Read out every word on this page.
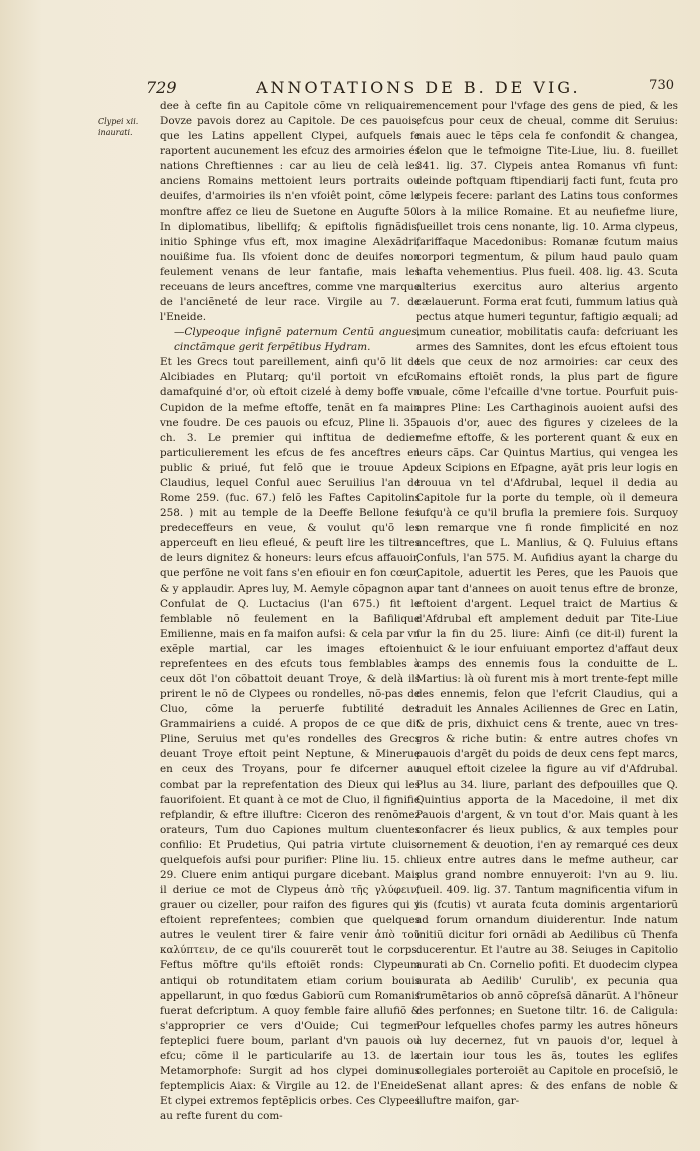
729	ANNOTATIONS DE B. DE VIG.	730
Clypei xii. inaurati.

dee à cefte fin au Capitole cõme vn reliquaire. Dovze pavois dorez au Capitole. De ces pauois, que les Latins appellent Clypei, aufquels fe raportent aucunement les efcuz des armoiries és nations Chreftiennes : car au lieu de celà les anciens Romains mettoient leurs portraits ou deuifes, d'armoiries ils n'en vfoiêt point, cõme le monftre affez ce lieu de Suetone en Augufte 50. In diplomatibus, libellifq; & epiftolis fignãdis, initio Sphinge vfus eft, mox imagine Alexãdri, nouißime fua. Ils vfoient donc de deuifes non feulement venans de leur fantafie, mais les receuans de leurs anceftres, comme vne marque de l'anciẽneté de leur race. Virgile au 7. de l'Eneide.

—Clypeoque infignẽ paternum Centũ angues, cinctãmque gerit ferpẽtibus Hydram.

Et les Grecs tout pareillement, ainfi qu'õ lit de Alcibiades en Plutarq; qu'il portoit vn efcu damafquiné d'or, où eftoit cizelé à demy boffe vn Cupidon de la mefme eftoffe, tenãt en fa main vne foudre. De ces pauois ou efcuz, Pline li. 35. ch. 3. Le premier qui inftitua de dedier particulierement les efcus de fes anceftres en public & priué, fut felõ que ie trouue Ap. Claudius, lequel Conful auec Seruilius l'an de Rome 259. (fuc. 67.) felõ les Faftes Capitolins 258. ) mit au temple de la Deeffe Bellone fes predeceffeurs en veue, & voulut qu'õ les apperceuft en lieu efleué, & peuft lire les tiltres de leurs dignitez & honeurs: leurs efcus affauoir, que perfõne ne voit fans s'en efiouir en fon cœur, & y applaudir. Apres luy, M. Aemyle cõpagnon au Confulat de Q. Luctacius (l'an 675.) fit le femblable nõ feulement en la Bafilique Emilienne, mais en fa maifon aufsi: & cela par vn exẽple martial, car les images eftoient reprefentees en des efcuts tous femblables à ceux dõt l'on cõbattoit deuant Troye, & delà ils prirent le nõ de Clypees ou rondelles, nõ-pas de Cluo, cõme la peruerfe fubtilité des Grammairiens a cuidé. A propos de ce que dit Pline, Seruius met qu'es rondelles des Grecs deuant Troye eftoit peint Neptune, & Minerue en ceux des Troyans, pour fe difcerner au combat par la reprefentation des Dieux qui les fauorifoient. Et quant à ce mot de Cluo, il fignifie refplandir, & eftre illuftre: Ciceron des renõmez orateurs, Tum duo Capiones multum cluentes confilio: Et Prudetius, Qui patria virtute cluis: quelquefois aufsi pour purifier: Pline liu. 15. ch. 29. Cluere enim antiqui purgare dicebant. Mais il deriue ce mot de Clypeus ἀπὸ τῆς γλύφειν, grauer ou cizeller, pour raifon des figures qui y eftoient reprefentees; combien que quelques autres le veulent tirer & faire venir ἀπὸ τοῦ καλύπτειν, de ce qu'ils couurerẽt tout le corps. Feftus mõftre qu'ils eftoiẽt ronds: Clypeum antiqui ob rotunditatem etiam corium bouis appellarunt, in quo fœdus Gabiorũ cum Romanis fuerat defcriptum. A quoy femble faire allufiõ & s'approprier ce vers d'Ouide; Cui tegmen fepteplici fuere boum, parlant d'vn pauois ou efcu; cõme il le particularife au 13. de la Metamorphofe: Surgit ad hos clypei dominus feptemplicis Aiax: & Virgile au 12. de l'Eneide: Et clypei extremos feptẽplicis orbes. Ces Clypees au refte furent du com-

mencement pour l'vfage des gens de pied, & les efcus pour ceux de cheual, comme dit Seruius: mais auec le tẽps cela fe confondit & changea, felon que le tefmoigne Tite-Liue, liu. 8. fueillet 341. lig. 37. Clypeis antea Romanus vfi funt: deinde poftquam ftipendiarij facti funt, fcuta pro clypeis fecere: parlant des Latins tous conformes lors à la milice Romaine. Et au neufiefme liure, fueillet trois cens nonante, lig. 10. Arma clypeus, fariffaque Macedonibus: Romanæ fcutum maius corpori tegmentum, & pilum haud paulo quam hafta vehementius. Plus fueil. 408. lig. 43. Scuta alterius exercitus auro alterius argento cælauerunt. Forma erat fcuti, fummum latius quà pectus atque humeri teguntur, faftigio æquali; ad imum cuneatior, mobilitatis caufa: defcriuant les armes des Samnites, dont les efcus eftoient tous tels que ceux de noz armoiries: car ceux des Romains eftoiẽt ronds, la plus part de figure ouale, cõme l'efcaille d'vne tortue. Pourfuit puis-apres Pline: Les Carthaginois auoient aufsi des pauois d'or, auec des figures y cizelees de la mefme eftoffe, & les porterent quant & eux en leurs cãps. Car Quintus Martius, qui vengea les deux Scipions en Efpagne, ayãt pris leur logis en trouua vn tel d'Afdrubal, lequel il dedia au Capitole fur la porte du temple, où il demeura iufqu'à ce qu'il brufla la premiere fois. Surquoy on remarque vne fi ronde fimplicité en noz anceftres, que L. Manlius, & Q. Fuluius eftans Confuls, l'an 575. M. Aufidius ayant la charge du Capitole, aduertit les Peres, que les Pauois que par tant d'annees on auoit tenus eftre de bronze, eftoient d'argent. Lequel traict de Martius & d'Afdrubal eft amplement deduit par Tite-Liue fur la fin du 25. liure: Ainfi (ce dit-il) furent la nuict & le iour enfuiuant emportez d'affaut deux camps des ennemis fous la conduitte de L. Martius: là où furent mis à mort trente-fept mille des ennemis, felon que l'efcrit Claudius, qui a traduit les Annales Aciliennes de Grec en Latin, & de pris, dixhuict cens & trente, auec vn tres-gros & riche butin: & entre autres chofes vn pauois d'argẽt du poids de deux cens fept marcs, auquel eftoit cizelee la figure au vif d'Afdrubal. Plus au 34. liure, parlant des defpouilles que Q. Quintius apporta de la Macedoine, il met dix Pauois d'argent, & vn tout d'or. Mais quant à les confacrer és lieux publics, & aux temples pour ornement & deuotion, i'en ay remarqué ces deux lieux entre autres dans le mefme autheur, car plus grand nombre ennuyeroit: l'vn au 9. liu. fueil. 409. lig. 37. Tantum magnificentia vifum in iis (fcutis) vt aurata fcuta dominis argentariorũ ad forum ornandum diuiderentur. Inde natum initiũ dicitur fori ornãdi ab Aedilibus cũ Thenfa ducerentur. Et l'autre au 38. Seiuges in Capitolio aurati ab Cn. Cornelio pofiti. Et duodecim clypea aurata ab Aedilib' Curulib', ex pecunia qua frumẽtarios ob annõ cõpreſsã dãnarũt. A l'hõneur des perfonnes; en Suetone tiltr. 16. de Caligula: Pour lefquelles chofes parmy les autres hõneurs à luy decernez, fut vn pauois d'or, lequel à certain iour tous les ãs, toutes les eglifes collegiales porteroiẽt au Capitole en proceſsiõ, le Senat allant apres: & des enfans de noble & illuftre maifon, gar-
